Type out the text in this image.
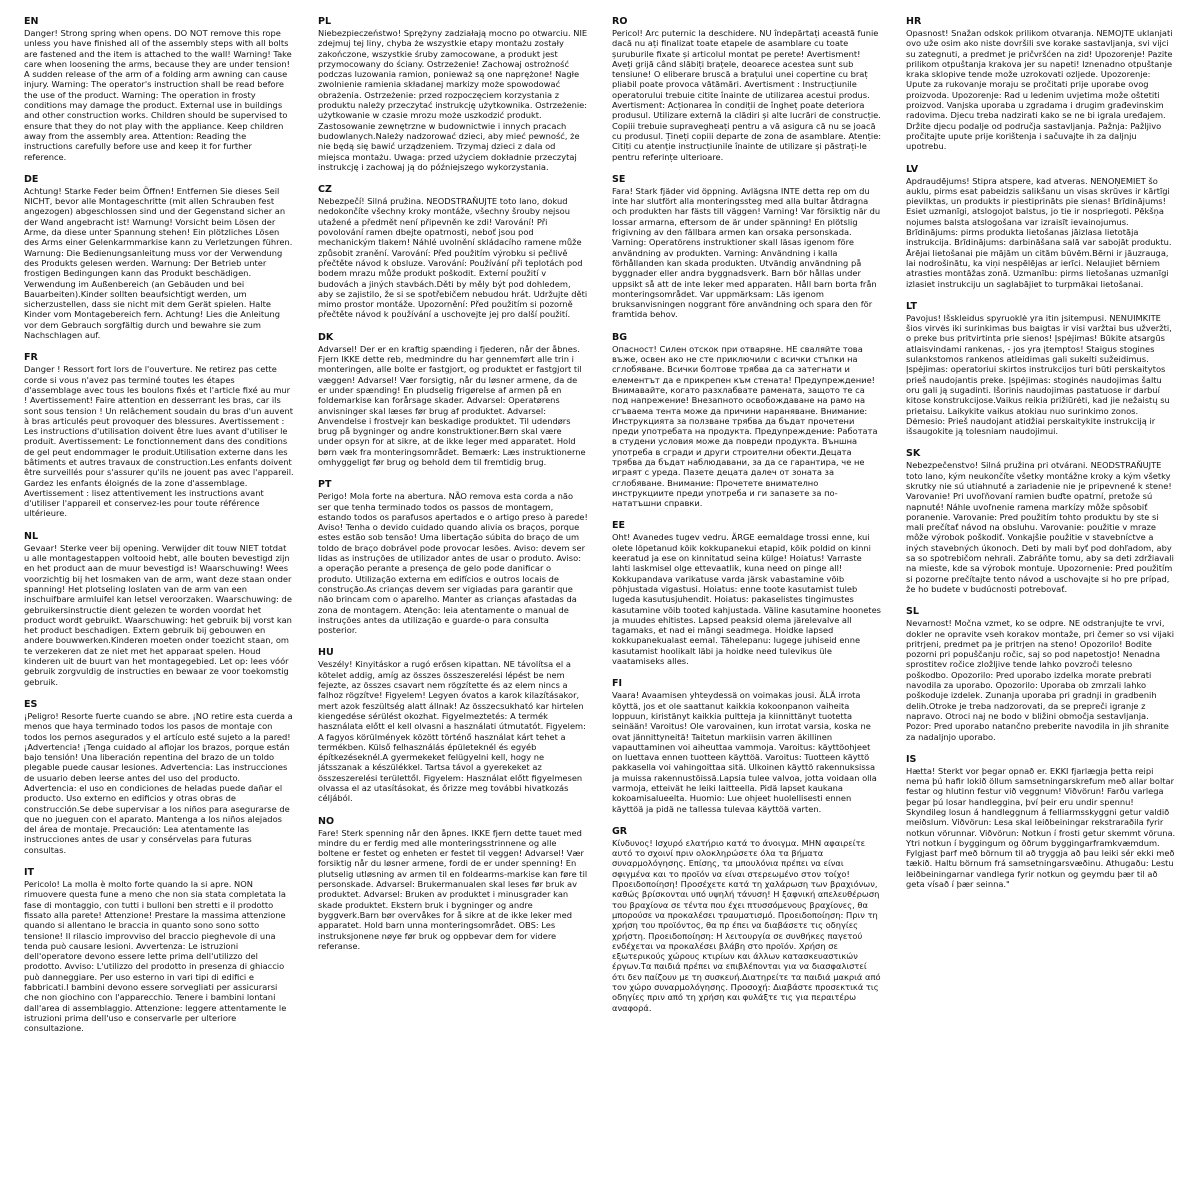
EN

Danger! Strong spring when opens. DO NOT remove this rope unless you have finished all of the assembly steps with all bolts are fastened and the item is attached to the wall! Warning! Take care when loosening the arms, because they are under tension! A sudden release of the arm of a folding arm awning can cause injury. Warning: The operator's instruction shall be read before the use of the product. Warning: The operation in frosty conditions may damage the product. External use in buildings and other construction works. Children should be supervised to ensure that they do not play with the appliance. Keep children away from the assembly area. Attention: Reading the instructions carefully before use and keep it for further reference.

DE

Achtung! Starke Feder beim Öffnen! Entfernen Sie dieses Seil NICHT, bevor alle Montageschritte (mit allen Schrauben fest angezogen) abgeschlossen sind und der Gegenstand sicher an der Wand angebracht ist! Warnung! Vorsicht beim Lösen der Arme, da diese unter Spannung stehen! Ein plötzliches Lösen des Arms einer Gelenkarmmarkise kann zu Verletzungen führen. Warnung: Die Bedienungsanleitung muss vor der Verwendung des Produkts gelesen werden. Warnung: Der Betrieb unter frostigen Bedingungen kann das Produkt beschädigen. Verwendung im Außenbereich (an Gebäuden und bei Bauarbeiten).Kinder sollten beaufsichtigt werden, um sicherzustellen, dass sie nicht mit dem Gerät spielen. Halte Kinder vom Montagebereich fern. Achtung! Lies die Anleitung vor dem Gebrauch sorgfältig durch und bewahre sie zum Nachschlagen auf.

FR

Danger ! Ressort fort lors de l'ouverture. Ne retirez pas cette corde si vous n'avez pas terminé toutes les étapes d'assemblage avec tous les boulons fixés et l'article fixé au mur ! Avertissement! Faire attention en desserrant les bras, car ils sont sous tension ! Un relâchement soudain du bras d'un auvent à bras articulés peut provoquer des blessures. Avertissement : Les instructions d'utilisation doivent être lues avant d'utiliser le produit. Avertissement: Le fonctionnement dans des conditions de gel peut endommager le produit.Utilisation externe dans les bâtiments et autres travaux de construction.Les enfants doivent être surveillés pour s'assurer qu'ils ne jouent pas avec l'appareil. Gardez les enfants éloignés de la zone d'assemblage. Avertissement : lisez attentivement les instructions avant d'utiliser l'appareil et conservez-les pour toute référence ultérieure.

NL

Gevaar! Sterke veer bij opening. Verwijder dit touw NIET totdat u alle montagestappen voltooid hebt, alle bouten bevestigd zijn en het product aan de muur bevestigd is! Waarschuwing! Wees voorzichtig bij het losmaken van de arm, want deze staan onder spanning! Het plotseling loslaten van de arm van een inschuifbare armluifel kan letsel veroorzaken. Waarschuwing: de gebruikersinstructie dient gelezen te worden voordat het product wordt gebruikt. Waarschuwing: het gebruik bij vorst kan het product beschadigen. Extern gebruik bij gebouwen en andere bouwwerken.Kinderen moeten onder toezicht staan, om te verzekeren dat ze niet met het apparaat spelen. Houd kinderen uit de buurt van het montagegebied. Let op: lees vóór gebruik zorgvuldig de instructies en bewaar ze voor toekomstig gebruik.

ES

¡Peligro! Resorte fuerte cuando se abre. ¡NO retire esta cuerda a menos que haya terminado todos los pasos de montaje con todos los pernos asegurados y el artículo esté sujeto a la pared! ¡Advertencia! ¡Tenga cuidado al aflojar los brazos, porque están bajo tensión! Una liberación repentina del brazo de un toldo plegable puede causar lesiones. Advertencia: Las instrucciones de usuario deben leerse antes del uso del producto. Advertencia: el uso en condiciones de heladas puede dañar el producto. Uso externo en edificios y otras obras de construcción.Se debe supervisar a los niños para asegurarse de que no jueguen con el aparato. Mantenga a los niños alejados del área de montaje. Precaución: Lea atentamente las instrucciones antes de usar y consérvelas para futuras consultas.

IT

Pericolo! La molla è molto forte quando la si apre. NON rimuovere questa fune a meno che non sia stata completata la fase di montaggio, con tutti i bulloni ben stretti e il prodotto fissato alla parete! Attenzione! Prestare la massima attenzione quando si allentano le braccia in quanto sono sono sotto tensione! Il rilascio improvviso del braccio pieghevole di una tenda può causare lesioni. Avvertenza: Le istruzioni dell'operatore devono essere lette prima dell'utilizzo del prodotto. Avviso: L'utilizzo del prodotto in presenza di ghiaccio può danneggiare. Per uso esterno in vari tipi di edifici e fabbricati.I bambini devono essere sorvegliati per assicurarsi che non giochino con l'apparecchio. Tenere i bambini lontani dall'area di assemblaggio. Attenzione: leggere attentamente le istruzioni prima dell'uso e conservarle per ulteriore consultazione.

PL

Niebezpieczeństwo! Sprężyny zadziałają mocno po otwarciu. NIE zdejmuj tej liny, chyba że wszystkie etapy montażu zostały zakończone, wszystkie śruby zamocowane, a produkt jest przymocowany do ściany. Ostrzeżenie! Zachowaj ostrożność podczas luzowania ramion, ponieważ są one naprężone! Nagłe zwolnienie ramienia składanej markizy może spowodować obrażenia. Ostrzeżenie: przed rozpoczęciem korzystania z produktu należy przeczytać instrukcję użytkownika. Ostrzeżenie: użytkowanie w czasie mrozu może uszkodzić produkt. Zastosowanie zewnętrzne w budownictwie i innych pracach budowlanych.Należy nadzorować dzieci, aby mieć pewność, że nie będą się bawić urządzeniem. Trzymaj dzieci z dala od miejsca montażu. Uwaga: przed użyciem dokładnie przeczytaj instrukcję i zachowaj ją do późniejszego wykorzystania.

CZ

Nebezpečí! Silná pružina. NEODSTRAŇUJTE toto lano, dokud nedokončíte všechny kroky montáže, všechny šrouby nejsou utažené a předmět není připevněn ke zdi! Varování! Při povolování ramen dbejte opatrnosti, neboť jsou pod mechanickým tlakem! Náhlé uvolnění skládacího ramene může způsobit zranění. Varování: Před použitím výrobku si pečlivě přečtěte návod k obsluze. Varování: Používání při teplotách pod bodem mrazu může produkt poškodit. Externí použití v budovách a jiných stavbách.Děti by měly být pod dohledem, aby se zajistilo, že si se spotřebičem nebudou hrát. Udržujte děti mimo prostor montáže. Upozornění: Před použitím si pozorně přečtěte návod k používání a uschovejte jej pro další použití.

DK

Advarsel! Der er en kraftig spænding i fjederen, når der åbnes. Fjern IKKE dette reb, medmindre du har gennemført alle trin i monteringen, alle bolte er fastgjort, og produktet er fastgjort til væggen! Advarsel! Vær forsigtig, når du løsner armene, da de er under spænding! En pludselig frigørelse af armen på en foldemarkise kan forårsage skader. Advarsel: Operatørens anvisninger skal læses før brug af produktet. Advarsel: Anvendelse i frostvejr kan beskadige produktet. Til udendørs brug på bygninger og andre konstruktioner.Børn skal være under opsyn for at sikre, at de ikke leger med apparatet. Hold børn væk fra monteringsområdet. Bemærk: Læs instruktionerne omhyggeligt før brug og behold dem til fremtidig brug.

PT

Perigo! Mola forte na abertura. NÃO remova esta corda a não ser que tenha terminado todos os passos de montagem, estando todos os parafusos apertados e o artigo preso à parede! Aviso! Tenha o devido cuidado quando alivia os braços, porque estes estão sob tensão! Uma libertação súbita do braço de um toldo de braço dobrável pode provocar lesões. Aviso: devem ser lidas as instruções de utilizador antes de usar o produto. Aviso: a operação perante a presença de gelo pode danificar o produto. Utilização externa em edifícios e outros locais de construção.As crianças devem ser vigiadas para garantir que não brincam com o aparelho. Manter as crianças afastadas da zona de montagem. Atenção: leia atentamente o manual de instruções antes da utilização e guarde-o para consulta posterior.

HU

Veszély! Kinyitáskor a rugó erősen kipattan. NE távolítsa el a kötelet addig, amíg az összes összeszerelési lépést be nem fejezte, az összes csavart nem rögzítette és az elem nincs a falhoz rögzítve! Figyelem! Legyen óvatos a karok kilazításakor, mert azok feszültség alatt állnak! Az összecsukható kar hirtelen kiengedése sérülést okozhat. Figyelmeztetés: A termék használata előtt el kell olvasni a használati útmutatót. Figyelem: A fagyos körülmények között történő használat kárt tehet a termékben. Külső felhasználás épületeknél és egyéb építkezéseknél.A gyermekeket felügyelni kell, hogy ne játsszanak a készülékkel. Tartsa távol a gyerekeket az összeszerelési területtől. Figyelem: Használat előtt figyelmesen olvassa el az utasításokat, és őrizze meg további hivatkozás céljából.

NO

Fare! Sterk spenning når den åpnes. IKKE fjern dette tauet med mindre du er ferdig med alle monteringsstrinnene og alle boltene er festet og enheten er festet til veggen! Advarsel! Vær forsiktig når du løsner armene, fordi de er under spenning! En plutselig utløsning av armen til en foldearms-markise kan føre til personskade. Advarsel: Brukermanualen skal leses før bruk av produktet. Advarsel: Bruken av produktet i minusgrader kan skade produktet. Ekstern bruk i bygninger og andre byggverk.Barn bør overvåkes for å sikre at de ikke leker med apparatet. Hold barn unna monteringsområdet. OBS: Les instruksjonene nøye før bruk og oppbevar dem for videre referanse.

RO

Pericol! Arc puternic la deschidere. NU îndepărtați această funie dacă nu ați finalizat toate etapele de asamblare cu toate șuruburile fixate și articolul montat pe perete! Avertisment! Aveți grijă când slăbiți brațele, deoarece acestea sunt sub tensiune! O eliberare bruscă a brațului unei copertine cu braț pliabil poate provoca vătămări. Avertisment : Instrucțiunile operatorului trebuie citite înainte de utilizarea acestui produs. Avertisment: Acționarea în condiții de îngheț poate deteriora produsul. Utilizare externă la clădiri și alte lucrări de construcție. Copiii trebuie supravegheați pentru a vă asigura că nu se joacă cu produsul. Țineți copiii departe de zona de asamblare. Atenție: Citiți cu atenție instrucțiunile înainte de utilizare și păstrați-le pentru referințe ulterioare.

SE

Fara! Stark fjäder vid öppning. Avlägsna INTE detta rep om du inte har slutfört alla monteringssteg med alla bultar åtdragna och produkten har fästs till väggen! Varning! Var försiktig när du lossar armarna, eftersom de är under spänning! En plötslig frigivning av den fällbara armen kan orsaka personskada. Varning: Operatörens instruktioner skall läsas igenom före användning av produkten. Varning: Användning i kalla förhållanden kan skada produkten. Utvändig användning på byggnader eller andra byggnadsverk. Barn bör hållas under uppsikt så att de inte leker med apparaten. Håll barn borta från monteringsområdet. Var uppmärksam: Läs igenom bruksanvisningen noggrant före användning och spara den för framtida behov.

BG

Опасност! Силен отскок при отваряне. НЕ сваляйте това въже, освен ако не сте приключили с всички стъпки на сглобяване. Всички болтове трябва да са затегнати и елементът да е прикрепен към стената! Предупреждение! Внимавайте, когато разхлабвате рамената, защото те са под напрежение! Внезапното освобождаване на рамо на сгъваема тента може да причини нараняване. Внимание: Инструкцията за ползване трябва да бъдат прочетени преди употребата на продукта. Предупреждение: Работата в студени условия може да повреди продукта. Външна употреба в сгради и други строителни обекти.Децата трябва да бъдат наблюдавани, за да се гарантира, че не играят с уреда. Пазете децата далеч от зоната за сглобяване. Внимание: Прочетете внимателно инструкциите преди употреба и ги запазете за по-нататъшни справки.

EE

Oht! Avanedes tugev vedru. ÄRGE eemaldage trossi enne, kui olete lõpetanud kõik kokkupanekui etapid, kõik poldid on kinni keeratud ja ese on kinnitatud seina külge! Hoiatus! Varraste lahti laskmisel olge ettevaatlik, kuna need on pinge all! Kokkupandava varikatuse varda järsk vabastamine võib põhjustada vigastusi. Hoiatus: enne toote kasutamist tuleb lugeda kasutusjuhendit. Hoiatus: pakaselistes tingimustes kasutamine võib tooted kahjustada. Väline kasutamine hoonetes ja muudes ehitistes. Lapsed peaksid olema järelevalve all tagamaks, et nad ei mängi seadmega. Hoidke lapsed kokkupanekualast eemal. Tähelepanu: lugege juhiseid enne kasutamist hoolikalt läbi ja hoidke need tulevikus üle vaatamiseks alles.

FI

Vaara! Avaamisen yhteydessä on voimakas jousi. ÄLÄ irrota köyttä, jos et ole saattanut kaikkia kokoonpanon vaiheita loppuun, kiristänyt kaikkia pultteja ja kiinnittänyt tuotetta seinään! Varoitus! Ole varovainen, kun irrotat varsia, koska ne ovat jännittyneitä! Taitetun markiisin varren äkillinen vapauttaminen voi aiheuttaa vammoja. Varoitus: käyttöohjeet on luettava ennen tuotteen käyttöä. Varoitus: Tuotteen käyttö pakkasella voi vahingoittaa sitä. Ulkoinen käyttö rakennuksissa ja muissa rakennustöissä.Lapsia tulee valvoa, jotta voidaan olla varmoja, etteivät he leiki laitteella. Pidä lapset kaukana kokoamisalueelta. Huomio: Lue ohjeet huolellisesti ennen käyttöä ja pidä ne tallessa tulevaa käyttöä varten.

GR

Κίνδυνος! Ισχυρό ελατήριο κατά το άνοιγμα. ΜΗΝ αφαιρείτε αυτό το σχοινί πριν ολοκληρώσετε όλα τα βήματα συναρμολόγησης. Επίσης, τα μπουλόνια πρέπει να είναι σφιγμένα και το προϊόν να είναι στερεωμένο στον τοίχο! Προειδοποίηση! Προσέχετε κατά τη χαλάρωση των βραχιόνων, καθώς βρίσκονται υπό υψηλή τάνυση! Η ξαφνική απελευθέρωση του βραχίονα σε τέντα που έχει πτυσσόμενους βραχίονες, θα μπορούσε να προκαλέσει τραυματισμό. Προειδοποίηση: Πριν τη χρήση του προϊόντος, θα πρ έπει να διαβάσετε τις οδηγίες χρήστη. Προειδοποίηση: Η λειτουργία σε συνθήκες παγετού ενδέχεται να προκαλέσει βλάβη στο προϊόν. Χρήση σε εξωτερικούς χώρους κτιρίων και άλλων κατασκευαστικών έργων.Τα παιδιά πρέπει να επιβλέπονται για να διασφαλιστεί ότι δεν παίζουν με τη συσκευή.Διατηρείτε τα παιδιά μακριά από τον χώρο συναρμολόγησης. Προσοχή: Διαβάστε προσεκτικά τις οδηγίες πριν από τη χρήση και φυλάξτε τις για περαιτέρω αναφορά.

HR

Opasnost! Snažan odskok prilikom otvaranja. NEMOJTE uklanjati ovo uže osim ako niste dovršili sve korake sastavljanja, svi vijci su zategnuti, a predmet je pričvršćen na zid! Upozorenje! Pazite prilikom otpuštanja krakova jer su napeti! Iznenadno otpuštanje kraka sklopive tende može uzrokovati ozljede. Upozorenje: Upute za rukovanje moraju se pročitati prije uporabe ovog proizvoda. Upozorenje: Rad u ledenim uvjetima može oštetiti proizvod. Vanjska uporaba u zgradama i drugim građevinskim radovima. Djecu treba nadzirati kako se ne bi igrala uređajem. Držite djecu podalje od područja sastavljanja. Pažnja: Pažljivo pročitajte upute prije korištenja i sačuvajte ih za daljnju upotrebu.

LV

Apdraudējums! Stipra atspere, kad atveras. NENOŅEMIET šo auklu, pirms esat pabeidzis salikšanu un visas skrūves ir kārtīgi pievilktas, un produkts ir piestiprināts pie sienas! Brīdinājums! Esiet uzmanīgi, atslogojot balstus, jo tie ir nospriegoti. Pēkšņa nojumes balsta atslogošana var izraisīt ievainojumus. Brīdinājums: pirms produkta lietošanas jāizlasa lietotāja instrukcija. Brīdinājums: darbināšana salā var sabojāt produktu. Ārējai lietošanai pie mājām un citām būvēm.Bērni ir jāuzrauga, lai nodrošinātu, ka viņi nespēlējas ar ierīci. Nelaujiet bērniem atrasties montāžas zonā. Uzmanību: pirms lietošanas uzmanīgi izlasiet instrukciju un saglabājiet to turpmākai lietošanai.

LT

Pavojus! Išskleidus spyruoklė yra itin jsitempusi. NENUIMKITE šios virvės iki surinkimas bus baigtas ir visi varžtai bus užveržti, o preke bus pritvirtinta prie sienos! Įspėjimas! Būkite atsargūs atlaisvindami rankenas, - jos yra įtemptos! Staigus stogines sulankstomos rankenos atleidimas gali sukelti sužeidimus. Įspėjimas: operatoriui skirtos instrukcijos turi būti perskaitytos prieš naudojantis preke. Įspėjimas: stoginės naudojimas šaltu oru gali ją sugadinti. Išorinis naudojimas pastatuose ir darbuí kitose konstrukcijose.Vaikus reikia prižiūrėti, kad jie nežaistų su prietaisu. Laikykite vaikus atokiau nuo surinkimo zonos. Dėmesio: Prieš naudojant atidžiai perskaitykite instrukciją ir išsaugokite ją tolesniam naudojimui.

SK

Nebezpečenstvo! Silná pružina pri otvárani. NEODSTRAŇUJTE toto lano, kým neukončíte všetky montážne kroky a kým všetky skrutky nie sú utiahnuté a zariadenie nie je pripevnené k stene! Varovanie! Pri uvoľňovaní ramien buďte opatrní, pretože sú napnuté! Náhle uvoľnenie ramena markízy môže spôsobiť poranenie. Varovanie: Pred použitím tohto produktu by ste si mali prečítať návod na obsluhu. Varovanie: použitie v mraze môže výrobok poškodiť. Vonkajšie použitie v stavebníctve a iných stavebných úkonoch. Deti by mali byť pod dohľadom, aby sa so spotrebičom nehrali. Zabráňte tomu, aby sa deti zdržiavali na mieste, kde sa výrobok montuje. Upozornenie: Pred použitím si pozorne prečítajte tento návod a uschovajte si ho pre prípad, že ho budete v budúcnosti potrebovať.

SL

Nevarnost! Močna vzmet, ko se odpre. NE odstranjujte te vrvi, dokler ne opravite vseh korakov montaže, pri čemer so vsi vijaki pritrjeni, predmet pa je pritrjen na steno! Opozorilo! Bodite pozorni pri popuščanju ročic, saj so pod napetostjo! Nenadna sprostitev ročice zložljive tende lahko povzroči telesno poškodbo. Opozorilo: Pred uporabo izdelka morate prebrati navodila za uporabo. Opozorilo: Uporaba ob zmrzali lahko poškoduje izdelek. Zunanja uporaba pri gradnji in gradbenih delih.Otroke je treba nadzorovati, da se prepreči igranje z napravo. Otroci naj ne bodo v bližini območja sestavljanja. Pozor: Pred uporabo natančno preberite navodila in jih shranite za nadaljnjo uporabo.

IS

Hætta! Sterkt vor þegar opnað er. EKKI fjarlægja þetta reipi nema þú hafir lokið öllum samsetningarskrefum með allar boltar festar og hlutinn festur við veggnum! Viðvörun! Farðu varlega þegar þú losar handleggina, því þeir eru undir spennu! Skyndileg losun á handleggnum á felliarmsskyggni getur valdið meiðslum. Viðvörun: Lesa skal leiðbeiningar rekstraraðila fyrir notkun vörunnar. Viðvörun: Notkun í frosti getur skemmt vöruna. Ytri notkun í byggingum og öðrum byggingarframkvæmdum. Fylgjast þarf með börnum til að tryggja að þau leiki sér ekki með tækið. Haltu börnum frá samsetningarsvæðinu. Athugaðu: Lestu leiðbeiningarnar vandlega fyrir notkun og geymdu þær til að geta vísað í þær seinna."
